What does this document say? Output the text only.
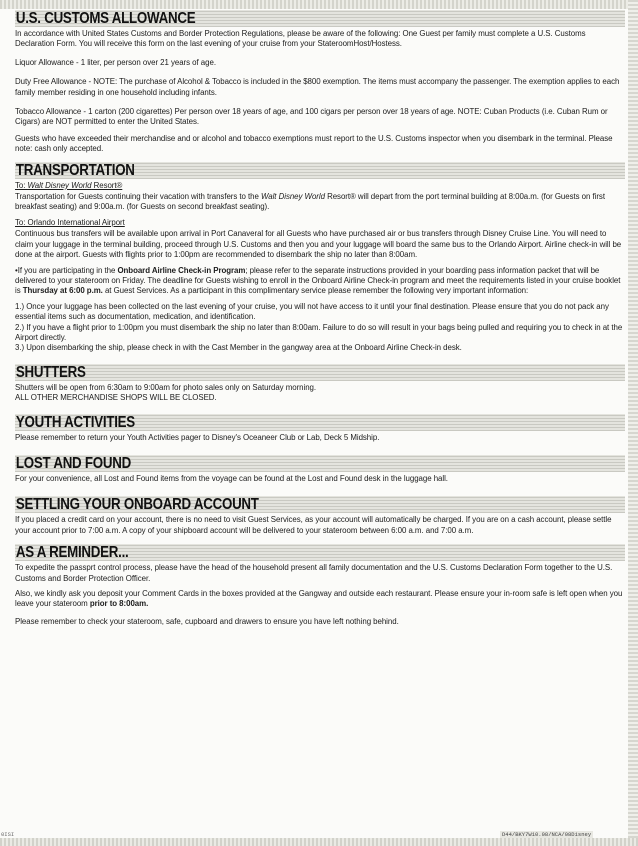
U.S. CUSTOMS ALLOWANCE

In accordance with United States Customs and Border Protection Regulations, please be aware of the following: One Guest per family must complete a U.S. Customs Declaration Form. You will receive this form on the last evening of your cruise from your StateroomHost/Hostess.

Liquor Allowance - 1 liter, per person over 21 years of age.

Duty Free Allowance - NOTE: The purchase of Alcohol & Tobacco is included in the $800 exemption. The items must accompany the passenger. The exemption applies to each family member residing in one household including infants.

Tobacco Allowance - 1 carton (200 cigarettes) Per person over 18 years of age, and 100 cigars per person over 18 years of age. NOTE: Cuban Products (i.e. Cuban Rum or Cigars) are NOT permitted to enter the United States.

Guests who have exceeded their merchandise and or alcohol and tobacco exemptions must report to the U.S. Customs inspector when you disembark in the terminal. Please note: cash only accepted.

TRANSPORTATION

To: Walt Disney World Resort®

Transportation for Guests continuing their vacation with transfers to the Walt Disney World Resort® will depart from the port terminal building at 8:00a.m. (for Guests on first breakfast seating) and 9:00a.m. (for Guests on second breakfast seating).

To: Orlando International Airport

Continuous bus transfers will be available upon arrival in Port Canaveral for all Guests who have purchased air or bus transfers through Disney Cruise Line. You will need to claim your luggage in the terminal building, proceed through U.S. Customs and then you and your luggage will board the same bus to the Orlando Airport. Airline check-in will be done at the airport. Guests with flights prior to 1:00pm are recommended to disembark the ship no later than 8:00am.

•If you are participating in the Onboard Airline Check-in Program; please refer to the separate instructions provided in your boarding pass information packet that will be delivered to your stateroom on Friday. The deadline for Guests wishing to enroll in the Onboard Airline Check-in program and meet the requirements listed in your cruise booklet is Thursday at 6:00 p.m. at Guest Services. As a participant in this complimentary service please remember the following very important information:

1.) Once your luggage has been collected on the last evening of your cruise, you will not have access to it until your final destination. Please ensure that you do not pack any essential items such as documentation, medication, and identification.

2.) If you have a flight prior to 1:00pm you must disembark the ship no later than 8:00am. Failure to do so will result in your bags being pulled and requiring you to check in at the Airport directly.

3.) Upon disembarking the ship, please check in with the Cast Member in the gangway area at the Onboard Airline Check-in desk.

SHUTTERS

Shutters will be open from 6:30am to 9:00am for photo sales only on Saturday morning.

ALL OTHER MERCHANDISE SHOPS WILL BE CLOSED.

YOUTH ACTIVITIES

Please remember to return your Youth Activities pager to Disney's Oceaneer Club or Lab, Deck 5 Midship.

LOST AND FOUND

For your convenience, all Lost and Found items from the voyage can be found at the Lost and Found desk in the luggage hall.

SETTLING YOUR ONBOARD ACCOUNT

If you placed a credit card on your account, there is no need to visit Guest Services, as your account will automatically be charged. If you are on a cash account, please settle your account prior to 7:00 a.m. A copy of your shipboard account will be delivered to your stateroom between 6:00 a.m. and 7:00 a.m.

AS A REMINDER...

To expedite the passprt control process, please have the head of the household present all family documentation and the U.S. Customs Declaration Form together to the U.S. Customs and Border Protection Officer.

Also, we kindly ask you deposit your Comment Cards in the boxes provided at the Gangway and outside each restaurant. Please ensure your in-room safe is left open when you leave your stateroom prior to 8:00am.

Please remember to check your stateroom, safe, cupboard and drawers to ensure you have left nothing behind.

0ISI	D44/BKY7W10.08/NCA/08Disney
